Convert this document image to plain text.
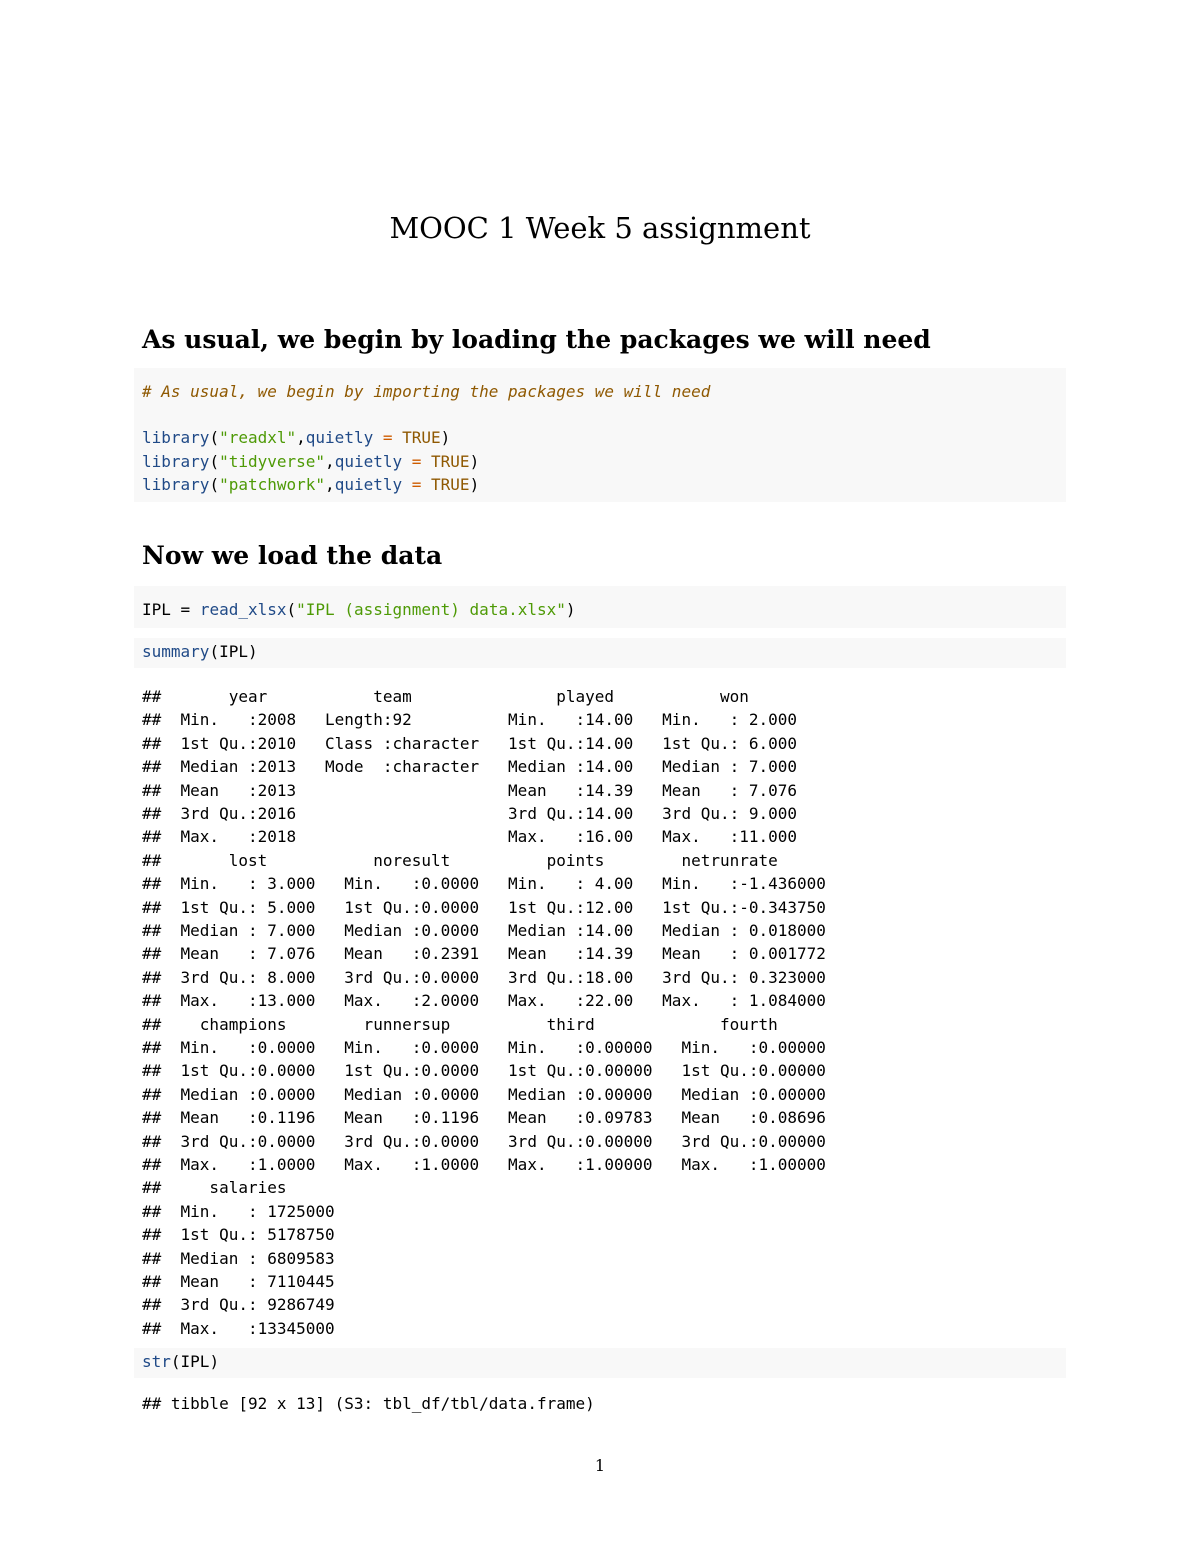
MOOC 1 Week 5 assignment
As usual, we begin by loading the packages we will need
# As usual, we begin by importing the packages we will need
library("readxl",quietly = TRUE)
library("tidyverse",quietly = TRUE)
library("patchwork",quietly = TRUE)
Now we load the data
IPL = read_xlsx("IPL (assignment) data.xlsx")
summary(IPL)
##       year           team               played           won
##  Min.   :2008   Length:92          Min.   :14.00   Min.   : 2.000
##  1st Qu.:2010   Class :character   1st Qu.:14.00   1st Qu.: 6.000
##  Median :2013   Mode  :character   Median :14.00   Median : 7.000
##  Mean   :2013                      Mean   :14.39   Mean   : 7.076
##  3rd Qu.:2016                      3rd Qu.:14.00   3rd Qu.: 9.000
##  Max.   :2018                      Max.   :16.00   Max.   :11.000
##       lost           noresult          points        netrunrate
##  Min.   : 3.000   Min.   :0.0000   Min.   : 4.00   Min.   :-1.436000
##  1st Qu.: 5.000   1st Qu.:0.0000   1st Qu.:12.00   1st Qu.:-0.343750
##  Median : 7.000   Median :0.0000   Median :14.00   Median : 0.018000
##  Mean   : 7.076   Mean   :0.2391   Mean   :14.39   Mean   : 0.001772
##  3rd Qu.: 8.000   3rd Qu.:0.0000   3rd Qu.:18.00   3rd Qu.: 0.323000
##  Max.   :13.000   Max.   :2.0000   Max.   :22.00   Max.   : 1.084000
##    champions        runnersup          third             fourth
##  Min.   :0.0000   Min.   :0.0000   Min.   :0.00000   Min.   :0.00000
##  1st Qu.:0.0000   1st Qu.:0.0000   1st Qu.:0.00000   1st Qu.:0.00000
##  Median :0.0000   Median :0.0000   Median :0.00000   Median :0.00000
##  Mean   :0.1196   Mean   :0.1196   Mean   :0.09783   Mean   :0.08696
##  3rd Qu.:0.0000   3rd Qu.:0.0000   3rd Qu.:0.00000   3rd Qu.:0.00000
##  Max.   :1.0000   Max.   :1.0000   Max.   :1.00000   Max.   :1.00000
##     salaries
##  Min.   : 1725000
##  1st Qu.: 5178750
##  Median : 6809583
##  Mean   : 7110445
##  3rd Qu.: 9286749
##  Max.   :13345000
str(IPL)
## tibble [92 x 13] (S3: tbl_df/tbl/data.frame)
1
